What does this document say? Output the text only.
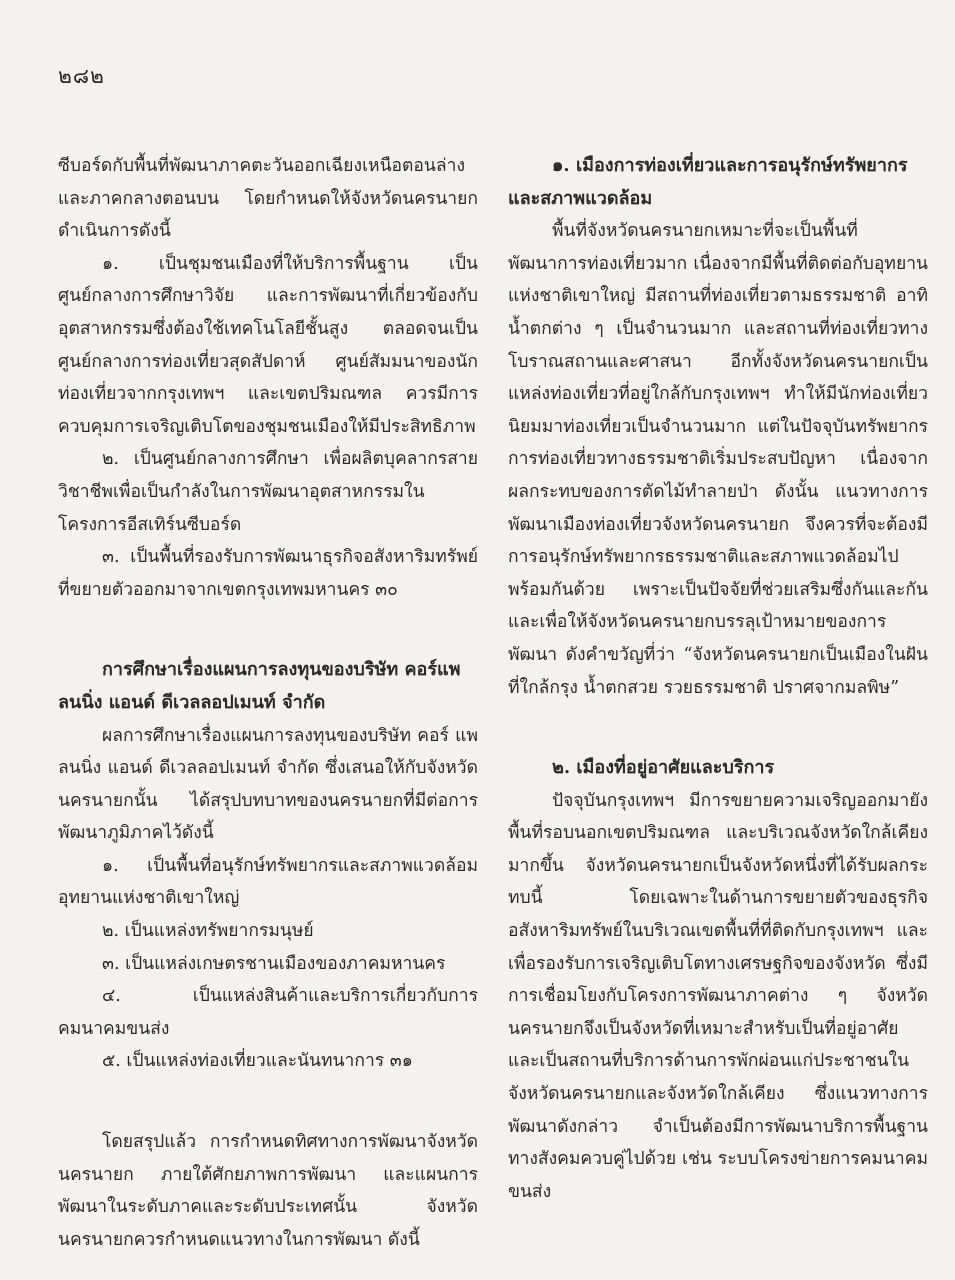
๒๘๒

ซีบอร์ดกับพื้นที่พัฒนาภาคตะวันออกเฉียงเหนือตอนล่าง และภาคกลางตอนบน โดยกำหนดให้จังหวัดนครนายกดำเนินการดังนี้

๑. เป็นชุมชนเมืองที่ให้บริการพื้นฐาน เป็นศูนย์กลางการศึกษาวิจัย และการพัฒนาที่เกี่ยวข้องกับอุตสาหกรรมซึ่งต้องใช้เทคโนโลยีชั้นสูง ตลอดจนเป็นศูนย์กลางการท่องเที่ยวสุดสัปดาห์ ศูนย์สัมมนาของนักท่องเที่ยวจากกรุงเทพฯ และเขตปริมณฑล ควรมีการควบคุมการเจริญเติบโตของชุมชนเมืองให้มีประสิทธิภาพ

๒. เป็นศูนย์กลางการศึกษา เพื่อผลิตบุคลากรสายวิชาชีพเพื่อเป็นกำลังในการพัฒนาอุตสาหกรรมในโครงการอีสเทิร์นซีบอร์ด

๓. เป็นพื้นที่รองรับการพัฒนาธุรกิจอสังหาริมทรัพย์ที่ขยายตัวออกมาจากเขตกรุงเทพมหานคร ๓๐

การศึกษาเรื่องแผนการลงทุนของบริษัท คอร์แพลนนิ่ง แอนด์ ดีเวลลอปเมนท์ จำกัด

ผลการศึกษาเรื่องแผนการลงทุนของบริษัท คอร์ แพลนนิ่ง แอนด์ ดีเวลลอปเมนท์ จำกัด ซึ่งเสนอให้กับจังหวัดนครนายกนั้น ได้สรุปบทบาทของนครนายกที่มีต่อการพัฒนาภูมิภาคไว้ดังนี้

๑. เป็นพื้นที่อนุรักษ์ทรัพยากรและสภาพแวดล้อม อุทยานแห่งชาติเขาใหญ่

๒. เป็นแหล่งทรัพยากรมนุษย์

๓. เป็นแหล่งเกษตรชานเมืองของภาคมหานคร

๔. เป็นแหล่งสินค้าและบริการเกี่ยวกับการคมนาคมขนส่ง

๕. เป็นแหล่งท่องเที่ยวและนันทนาการ ๓๑

โดยสรุปแล้ว การกำหนดทิศทางการพัฒนาจังหวัดนครนายก ภายใต้ศักยภาพการพัฒนา และแผนการพัฒนาในระดับภาคและระดับประเทศนั้น จังหวัดนครนายกควรกำหนดแนวทางในการพัฒนา ดังนี้

๑. เมืองการท่องเที่ยวและการอนุรักษ์ทรัพยากรและสภาพแวดล้อม

พื้นที่จังหวัดนครนายกเหมาะที่จะเป็นพื้นที่พัฒนาการท่องเที่ยวมาก เนื่องจากมีพื้นที่ติดต่อกับอุทยานแห่งชาติเขาใหญ่ มีสถานที่ท่องเที่ยวตามธรรมชาติ อาทิ น้ำตกต่าง ๆ เป็นจำนวนมาก และสถานที่ท่องเที่ยวทางโบราณสถานและศาสนา อีกทั้งจังหวัดนครนายกเป็นแหล่งท่องเที่ยวที่อยู่ใกล้กับกรุงเทพฯ ทำให้มีนักท่องเที่ยวนิยมมาท่องเที่ยวเป็นจำนวนมาก แต่ในปัจจุบันทรัพยากรการท่องเที่ยวทางธรรมชาติเริ่มประสบปัญหา เนื่องจากผลกระทบของการตัดไม้ทำลายป่า ดังนั้น แนวทางการพัฒนาเมืองท่องเที่ยวจังหวัดนครนายก จึงควรที่จะต้องมีการอนุรักษ์ทรัพยากรธรรมชาติและสภาพแวดล้อมไปพร้อมกันด้วย เพราะเป็นปัจจัยที่ช่วยเสริมซึ่งกันและกัน และเพื่อให้จังหวัดนครนายกบรรลุเป้าหมายของการพัฒนา ดังคำขวัญที่ว่า “จังหวัดนครนายกเป็นเมืองในฝันที่ใกล้กรุง น้ำตกสวย รวยธรรมชาติ ปราศจากมลพิษ”

๒. เมืองที่อยู่อาศัยและบริการ

ปัจจุบันกรุงเทพฯ มีการขยายความเจริญออกมายังพื้นที่รอบนอกเขตปริมณฑล และบริเวณจังหวัดใกล้เคียงมากขึ้น จังหวัดนครนายกเป็นจังหวัดหนึ่งที่ได้รับผลกระทบนี้ โดยเฉพาะในด้านการขยายตัวของธุรกิจอสังหาริมทรัพย์ในบริเวณเขตพื้นที่ที่ติดกับกรุงเทพฯ และเพื่อรองรับการเจริญเติบโตทางเศรษฐกิจของจังหวัด ซึ่งมีการเชื่อมโยงกับโครงการพัฒนาภาคต่าง ๆ จังหวัดนครนายกจึงเป็นจังหวัดที่เหมาะสำหรับเป็นที่อยู่อาศัย และเป็นสถานที่บริการด้านการพักผ่อนแก่ประชาชนในจังหวัดนครนายกและจังหวัดใกล้เคียง ซึ่งแนวทางการพัฒนาดังกล่าว จำเป็นต้องมีการพัฒนาบริการพื้นฐานทางสังคมควบคู่ไปด้วย เช่น ระบบโครงข่ายการคมนาคมขนส่ง
